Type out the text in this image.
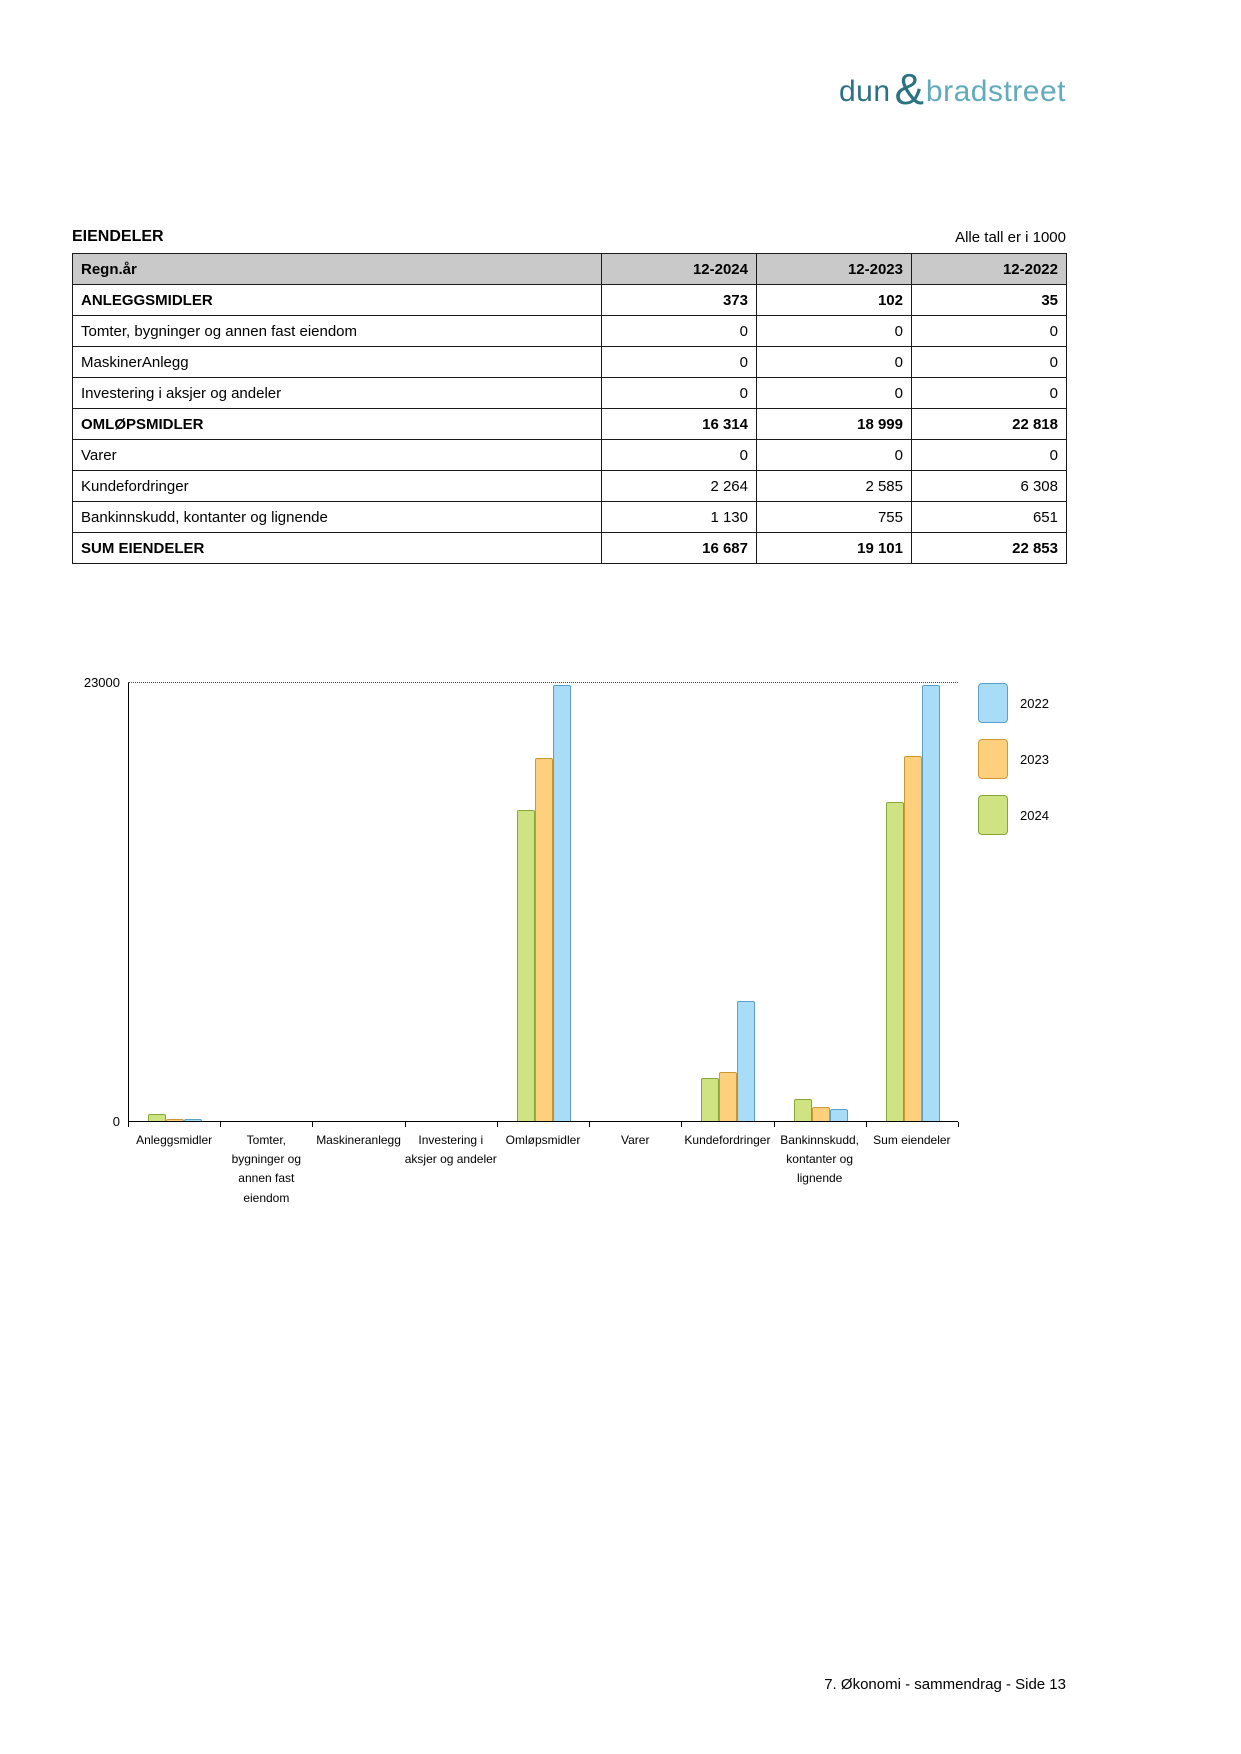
dun & bradstreet
EIENDELER	Alle tall er i 1000
Regn.år	12-2024	12-2023	12-2022
ANLEGGSMIDLER	373	102	35
Tomter, bygninger og annen fast eiendom	0	0	0
MaskinerAnlegg	0	0	0
Investering i aksjer og andeler	0	0	0
OMLØPSMIDLER	16 314	18 999	22 818
Varer	0	0	0
Kundefordringer	2 264	2 585	6 308
Bankinnskudd, kontanter og lignende	1 130	755	651
SUM EIENDELER	16 687	19 101	22 853
23000
0
Anleggsmidler	Tomter, bygninger og annen fast eiendom
Maskineranlegg	Investering i aksjer og andeler
Omløpsmidler	Varer	Kundefordringer Bankinnskudd, kontanter og lignende
Sum eiendeler
2022
2023
2024
7. Økonomi - sammendrag - Side 13
